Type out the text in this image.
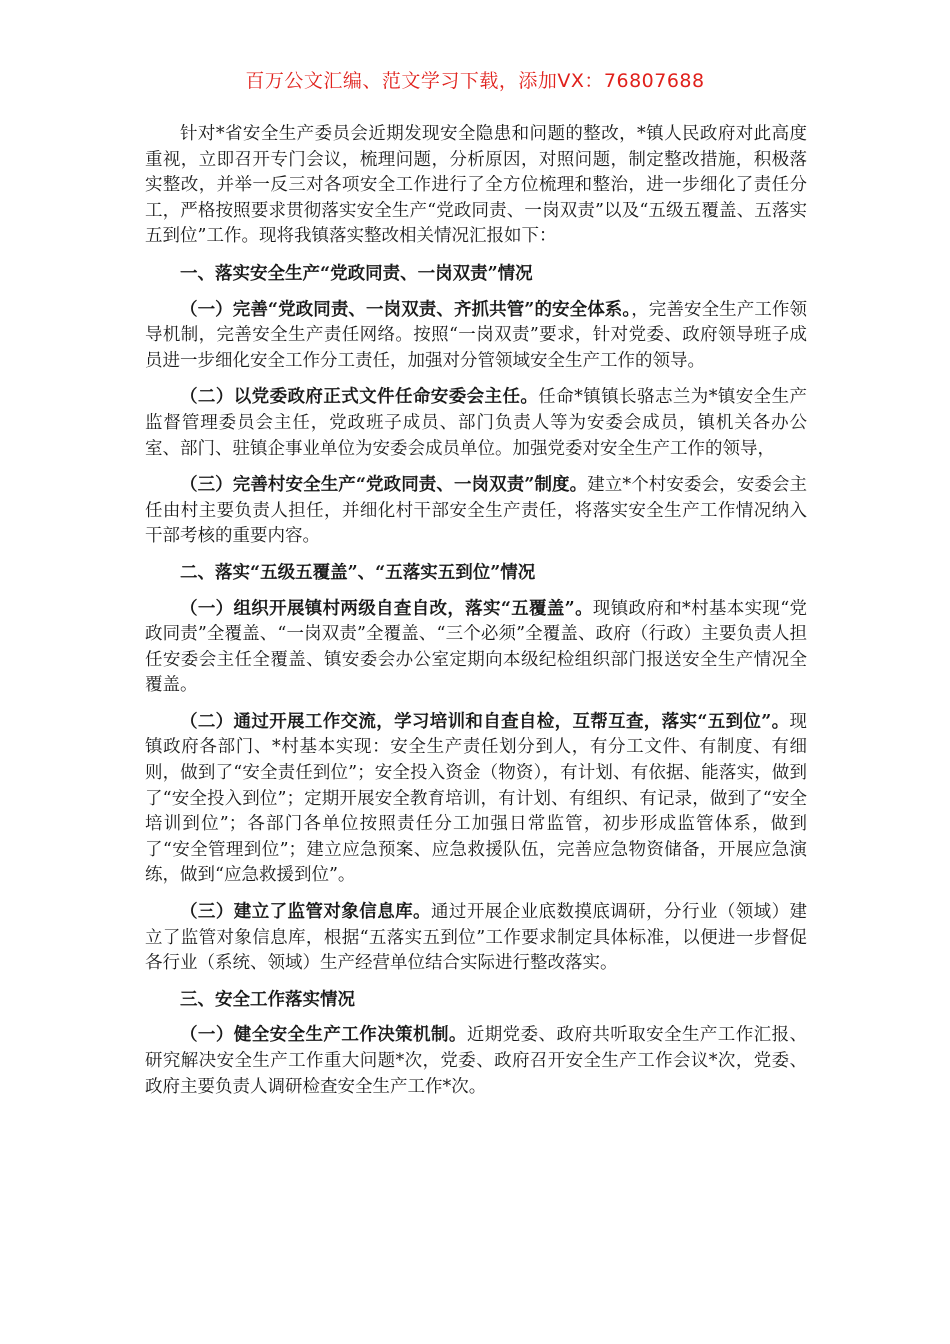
百万公文汇编、范文学习下载，添加VX：76807688

针对*省安全生产委员会近期发现安全隐患和问题的整改，*镇人民政府对此高度重视，立即召开专门会议，梳理问题，分析原因，对照问题，制定整改措施，积极落实整改，并举一反三对各项安全工作进行了全方位梳理和整治，进一步细化了责任分工，严格按照要求贯彻落实安全生产“党政同责、一岗双责”以及“五级五覆盖、五落实五到位”工作。现将我镇落实整改相关情况汇报如下：

一、落实安全生产“党政同责、一岗双责”情况

（一）完善“党政同责、一岗双责、齐抓共管”的安全体系。，完善安全生产工作领导机制，完善安全生产责任网络。按照“一岗双责”要求，针对党委、政府领导班子成员进一步细化安全工作分工责任，加强对分管领域安全生产工作的领导。

（二）以党委政府正式文件任命安委会主任。任命*镇镇长骆志兰为*镇安全生产监督管理委员会主任，党政班子成员、部门负责人等为安委会成员，镇机关各办公室、部门、驻镇企事业单位为安委会成员单位。加强党委对安全生产工作的领导，

（三）完善村安全生产“党政同责、一岗双责”制度。建立*个村安委会，安委会主任由村主要负责人担任，并细化村干部安全生产责任，将落实安全生产工作情况纳入干部考核的重要内容。

二、落实“五级五覆盖”、“五落实五到位”情况

（一）组织开展镇村两级自查自改，落实“五覆盖”。现镇政府和*村基本实现“党政同责”全覆盖、“一岗双责”全覆盖、“三个必须”全覆盖、政府（行政）主要负责人担任安委会主任全覆盖、镇安委会办公室定期向本级纪检组织部门报送安全生产情况全覆盖。

（二）通过开展工作交流，学习培训和自查自检，互帮互查，落实“五到位”。现镇政府各部门、*村基本实现：安全生产责任划分到人，有分工文件、有制度、有细则，做到了“安全责任到位”；安全投入资金（物资），有计划、有依据、能落实，做到了“安全投入到位”；定期开展安全教育培训，有计划、有组织、有记录，做到了“安全培训到位”；各部门各单位按照责任分工加强日常监管，初步形成监管体系，做到了“安全管理到位”；建立应急预案、应急救援队伍，完善应急物资储备，开展应急演练，做到“应急救援到位”。

（三）建立了监管对象信息库。通过开展企业底数摸底调研，分行业（领域）建立了监管对象信息库，根据“五落实五到位”工作要求制定具体标准，以便进一步督促各行业（系统、领域）生产经营单位结合实际进行整改落实。

三、安全工作落实情况

（一）健全安全生产工作决策机制。近期党委、政府共听取安全生产工作汇报、研究解决安全生产工作重大问题*次，党委、政府召开安全生产工作会议*次，党委、政府主要负责人调研检查安全生产工作*次。
